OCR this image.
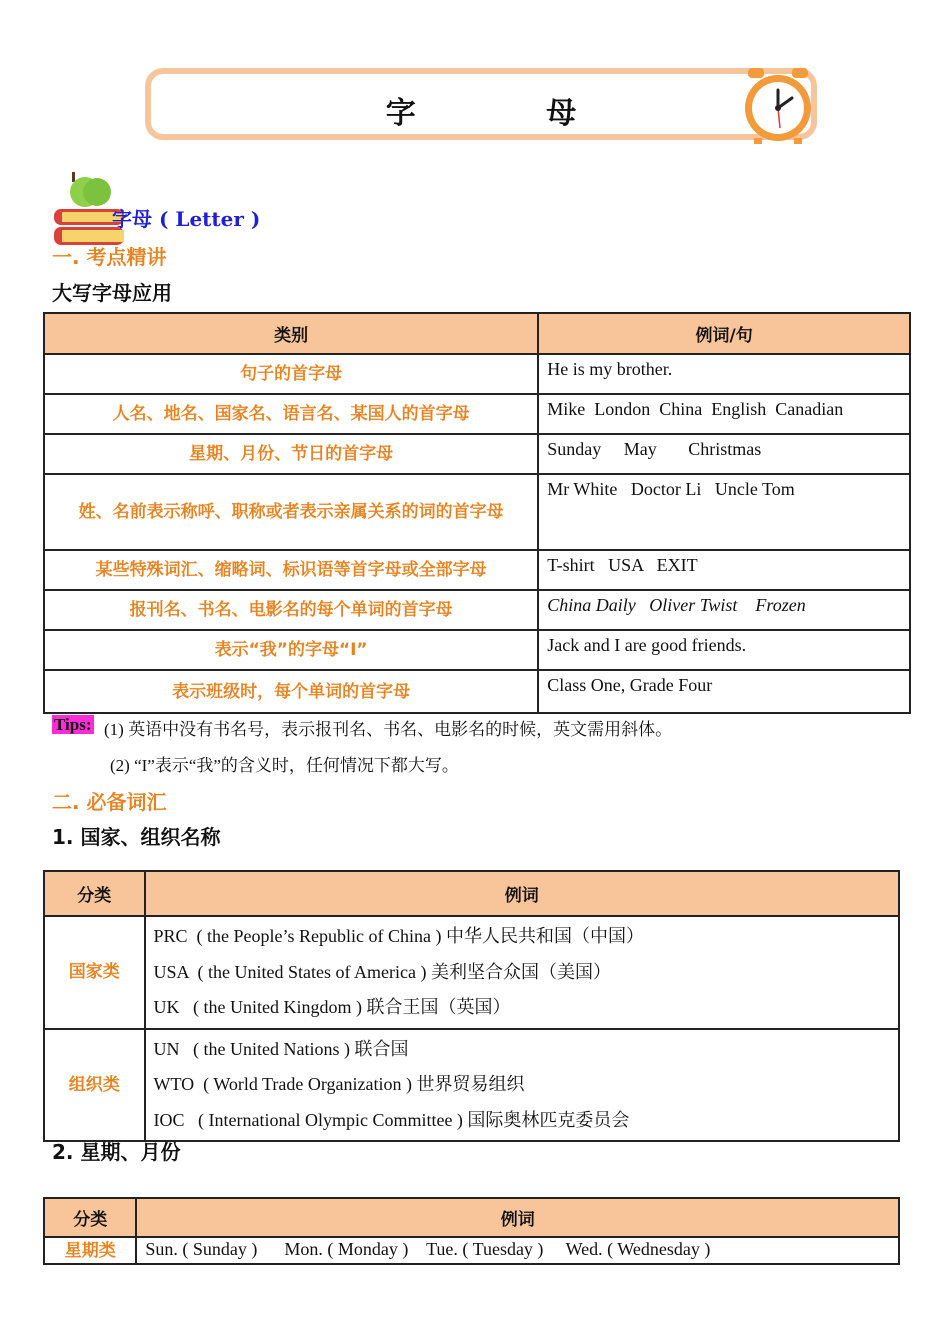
字 母
字母 ( Letter )
一. 考点精讲
大写字母应用
类别	例词/句
句子的首字母	He is my brother.
人名、地名、国家名、语言名、某国人的首字母	Mike  London  China  English  Canadian
星期、月份、节日的首字母	Sunday     May       Christmas
姓、名前表示称呼、职称或者表示亲属关系的词的首字母	Mr White   Doctor Li   Uncle Tom
某些特殊词汇、缩略词、标识语等首字母或全部字母	T-shirt   USA   EXIT
报刊名、书名、电影名的每个单词的首字母	China Daily   Oliver Twist    Frozen
表示“我”的字母“I”	Jack and I are good friends.
表示班级时，每个单词的首字母	Class One, Grade Four
Tips: (1) 英语中没有书名号，表示报刊名、书名、电影名的时候，英文需用斜体。
(2) “I”表示“我”的含义时，任何情况下都大写。
二. 必备词汇
1. 国家、组织名称
分类	例词
国家类	PRC  ( the People’s Republic of China ) 中华人民共和国（中国）
USA  ( the United States of America ) 美利坚合众国（美国）
UK   ( the United Kingdom ) 联合王国（英国）

组织类	UN   ( the United Nations ) 联合国
WTO  ( World Trade Organization ) 世界贸易组织
IOC   ( International Olympic Committee ) 国际奥林匹克委员会
2. 星期、月份
分类	例词
星期类	Sun. ( Sunday )      Mon. ( Monday )    Tue. ( Tuesday )     Wed. ( Wednesday )
